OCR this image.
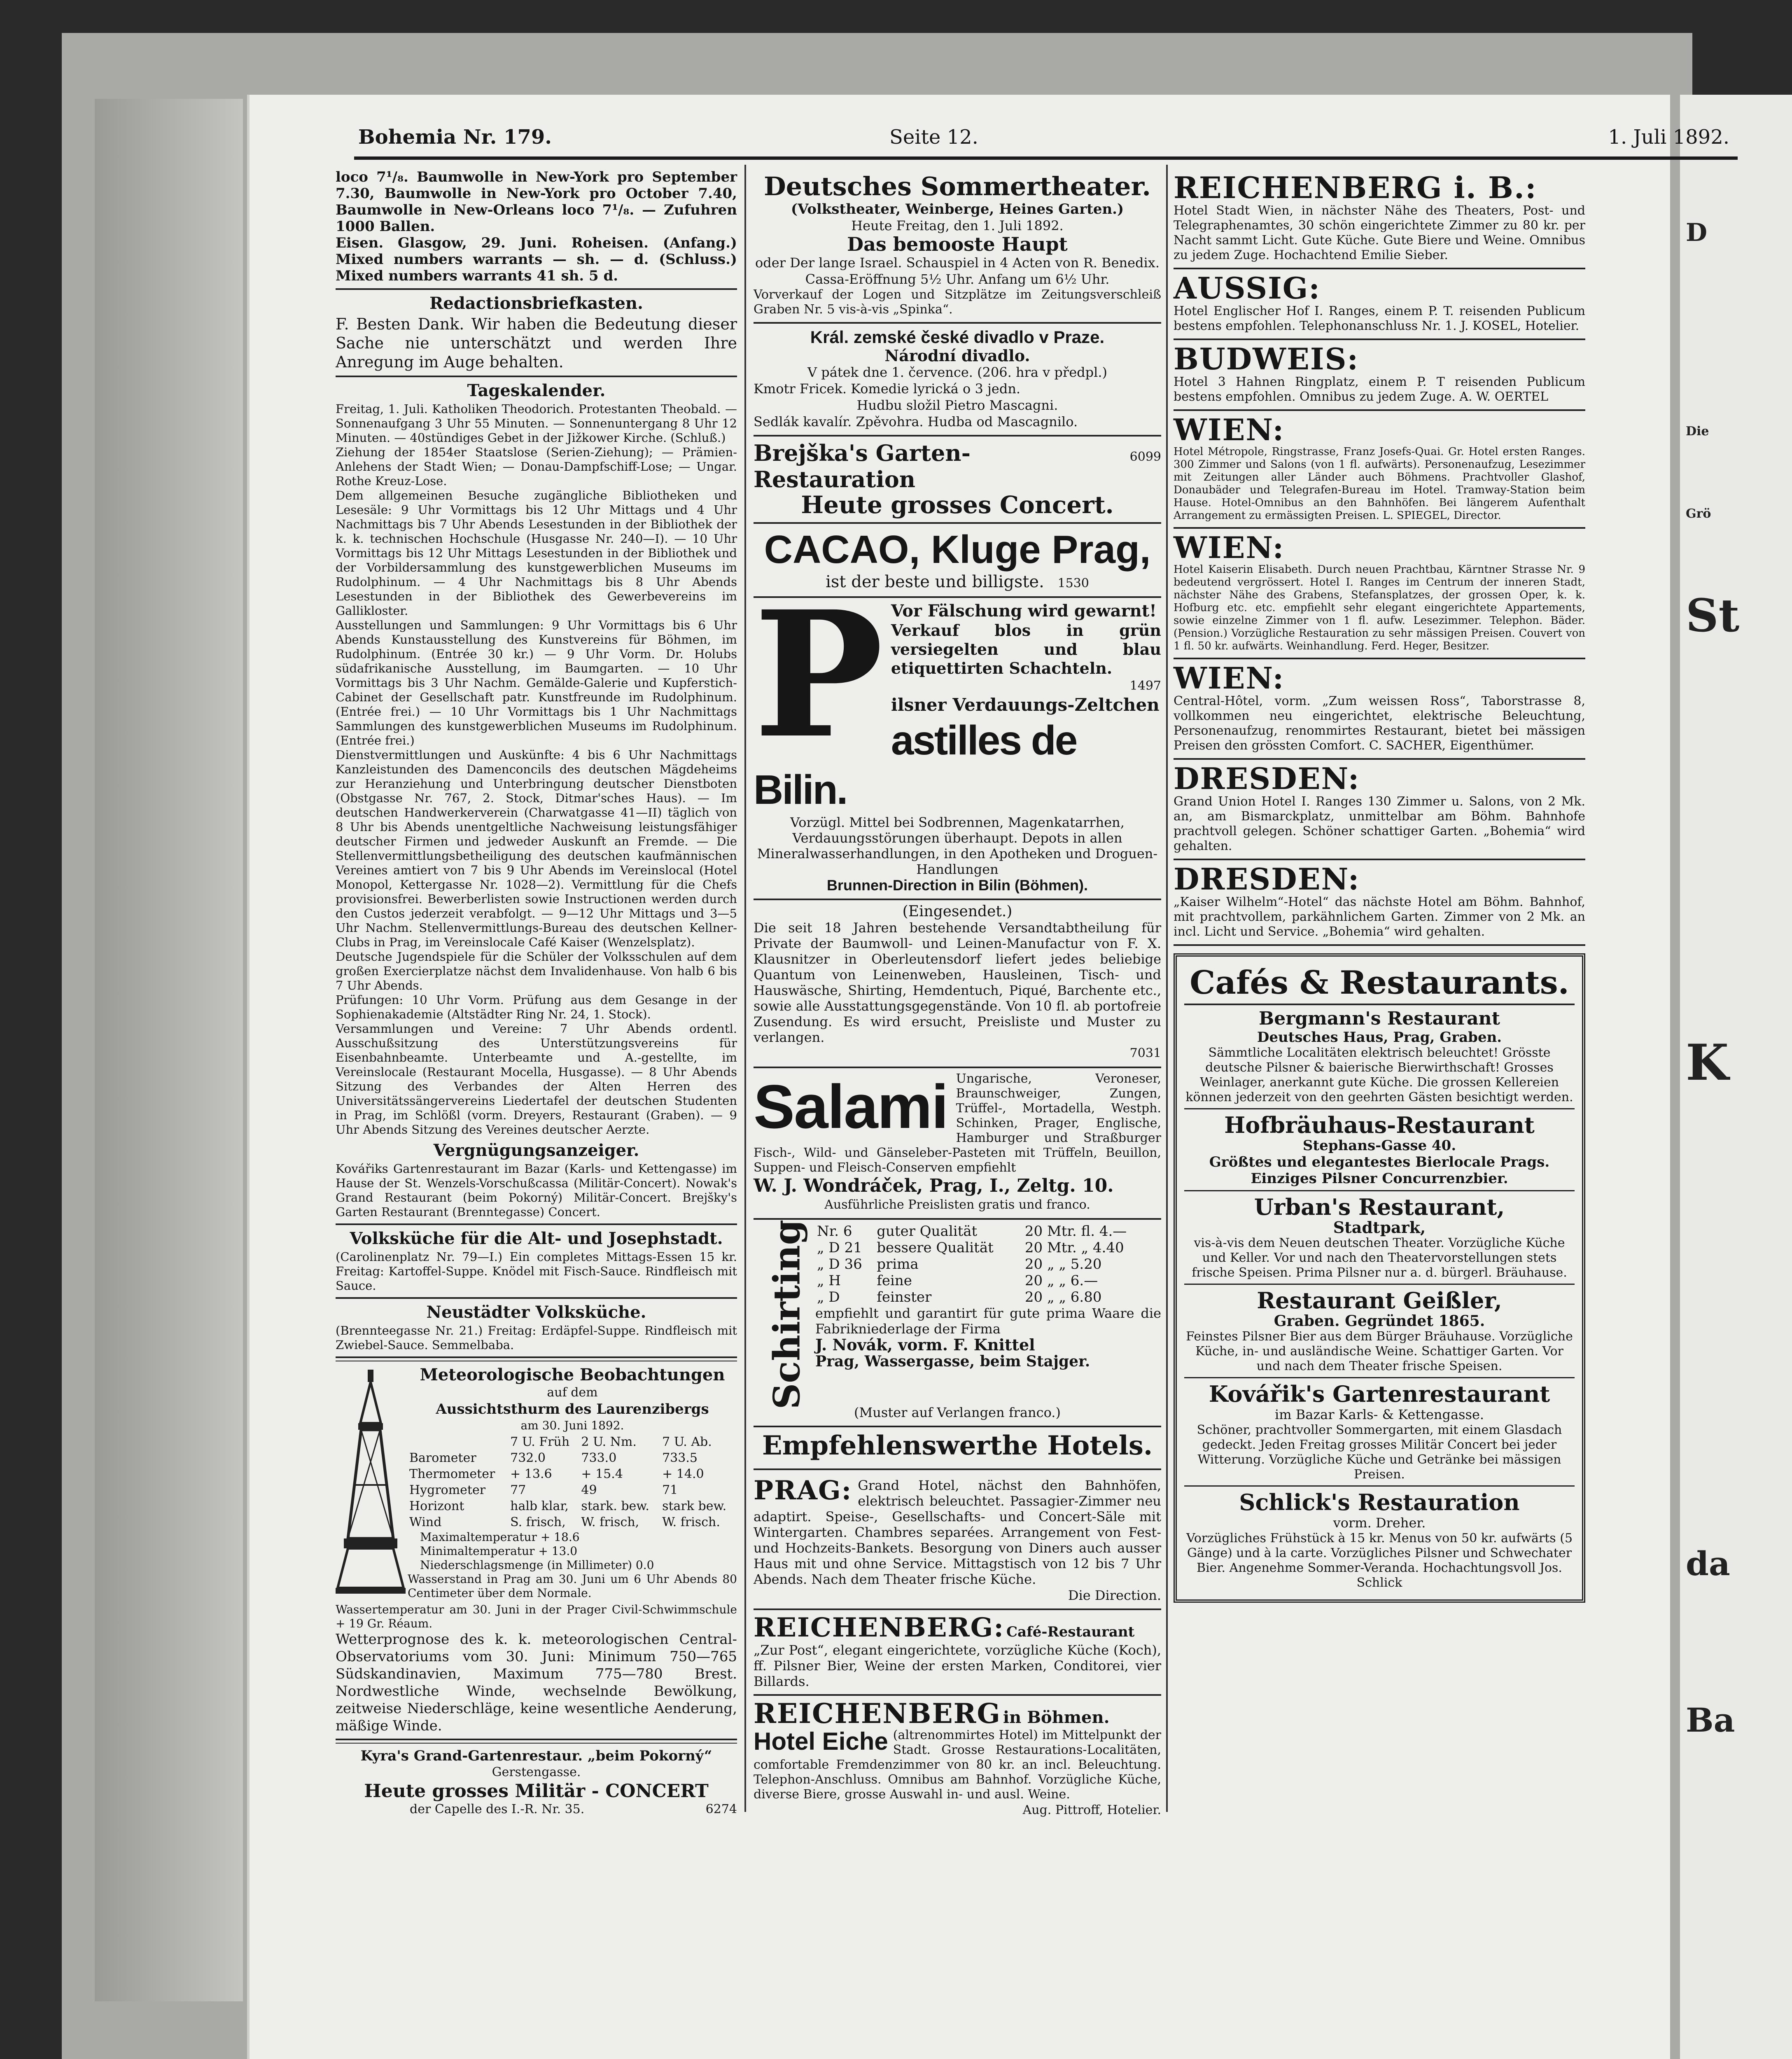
D
Die
Grö
St
K
da
Ba
Bohemia Nr. 179.	Seite 12.	1. Juli 1892.
loco 7¹/₈. Baumwolle in New-York pro September 7.30, Baumwolle in New-York pro October 7.40, Baumwolle in New-Orleans loco 7¹/₈. — Zufuhren 1000 Ballen.
Eisen. Glasgow, 29. Juni. Roheisen. (Anfang.) Mixed numbers warrants — sh. — d. (Schluss.) Mixed numbers warrants 41 sh. 5 d.
Redactionsbriefkasten.
F. Besten Dank. Wir haben die Bedeutung dieser Sache nie unterschätzt und werden Ihre Anregung im Auge behalten.
Tageskalender.
Freitag, 1. Juli. Katholiken Theodorich. Protestanten Theobald. — Sonnenaufgang 3 Uhr 55 Minuten. — Sonnenuntergang 8 Uhr 12 Minuten. — 40stündiges Gebet in der Jižkower Kirche. (Schluß.)
Ziehung der 1854er Staatslose (Serien-Ziehung); — Prämien-Anlehens der Stadt Wien; — Donau-Dampfschiff-Lose; — Ungar. Rothe Kreuz-Lose.
Dem allgemeinen Besuche zugängliche Bibliotheken und Lesesäle: 9 Uhr Vormittags bis 12 Uhr Mittags und 4 Uhr Nachmittags bis 7 Uhr Abends Lesestunden in der Bibliothek der k. k. technischen Hochschule (Husgasse Nr. 240—I). — 10 Uhr Vormittags bis 12 Uhr Mittags Lesestunden in der Bibliothek und der Vorbildersammlung des kunstgewerblichen Museums im Rudolphinum. — 4 Uhr Nachmittags bis 8 Uhr Abends Lesestunden in der Bibliothek des Gewerbevereins im Gallikloster.
Ausstellungen und Sammlungen: 9 Uhr Vormittags bis 6 Uhr Abends Kunstausstellung des Kunstvereins für Böhmen, im Rudolphinum. (Entrée 30 kr.) — 9 Uhr Vorm. Dr. Holubs südafrikanische Ausstellung, im Baumgarten. — 10 Uhr Vormittags bis 3 Uhr Nachm. Gemälde-Galerie und Kupferstich-Cabinet der Gesellschaft patr. Kunstfreunde im Rudolphinum. (Entrée frei.) — 10 Uhr Vormittags bis 1 Uhr Nachmittags Sammlungen des kunstgewerblichen Museums im Rudolphinum. (Entrée frei.)
Dienstvermittlungen und Auskünfte: 4 bis 6 Uhr Nachmittags Kanzleistunden des Damenconcils des deutschen Mägdeheims zur Heranziehung und Unterbringung deutscher Dienstboten (Obstgasse Nr. 767, 2. Stock, Ditmar'sches Haus). — Im deutschen Handwerkerverein (Charwatgasse 41—II) täglich von 8 Uhr bis Abends unentgeltliche Nachweisung leistungsfähiger deutscher Firmen und jedweder Auskunft an Fremde. — Die Stellenvermittlungsbetheiligung des deutschen kaufmännischen Vereines amtiert von 7 bis 9 Uhr Abends im Vereinslocal (Hotel Monopol, Kettergasse Nr. 1028—2). Vermittlung für die Chefs provisionsfrei. Bewerberlisten sowie Instructionen werden durch den Custos jederzeit verabfolgt. — 9—12 Uhr Mittags und 3—5 Uhr Nachm. Stellenvermittlungs-Bureau des deutschen Kellner-Clubs in Prag, im Vereinslocale Café Kaiser (Wenzelsplatz).
Deutsche Jugendspiele für die Schüler der Volksschulen auf dem großen Exercierplatze nächst dem Invalidenhause. Von halb 6 bis 7 Uhr Abends.
Prüfungen: 10 Uhr Vorm. Prüfung aus dem Gesange in der Sophienakademie (Altstädter Ring Nr. 24, 1. Stock).
Versammlungen und Vereine: 7 Uhr Abends ordentl. Ausschußsitzung des Unterstützungsvereins für Eisenbahnbeamte. Unterbeamte und A.-gestellte, im Vereinslocale (Restaurant Mocella, Husgasse). — 8 Uhr Abends Sitzung des Verbandes der Alten Herren des Universitätssängervereins Liedertafel der deutschen Studenten in Prag, im Schlößl (vorm. Dreyers, Restaurant (Graben). — 9 Uhr Abends Sitzung des Vereines deutscher Aerzte.
Vergnügungsanzeiger.
Kovářiks Gartenrestaurant im Bazar (Karls- und Kettengasse) im Hause der St. Wenzels-Vorschußcassa (Militär-Concert). Nowak's Grand Restaurant (beim Pokorný) Militär-Concert. Brejšky's Garten Restaurant (Brenntegasse) Concert.
Volksküche für die Alt- und Josephstadt.
(Carolinenplatz Nr. 79—I.) Ein completes Mittags-Essen 15 kr. Freitag: Kartoffel-Suppe. Knödel mit Fisch-Sauce. Rindfleisch mit Sauce.
Neustädter Volksküche.
(Brennteegasse Nr. 21.) Freitag: Erdäpfel-Suppe. Rindfleisch mit Zwiebel-Sauce. Semmelbaba.
Meteorologische Beobachtungen
auf dem
Aussichtsthurm des Laurenzibergs
am 30. Juni 1892.
	7 U. Früh	2 U. Nm.	7 U. Ab.
Barometer	732.0	733.0	733.5
Thermometer	+ 13.6	+ 15.4	+ 14.0
Hygrometer	77	49	71
Horizont	halb klar,	stark. bew.	stark bew.
Wind	S. frisch,	W. frisch,	W. frisch.
Maximaltemperatur + 18.6
Minimaltemperatur + 13.0
Niederschlagsmenge (in Millimeter) 0.0
Wasserstand in Prag am 30. Juni um 6 Uhr Abends 80 Centimeter über dem Normale.
Wassertemperatur am 30. Juni in der Prager Civil-Schwimmschule + 19 Gr. Réaum.
Wetterprognose des k. k. meteorologischen Central-Observatoriums vom 30. Juni: Minimum 750—765 Südskandinavien, Maximum 775—780 Brest. Nordwestliche Winde, wechselnde Bewölkung, zeitweise Niederschläge, keine wesentliche Aenderung, mäßige Winde.
Kyra's Grand-Gartenrestaur. „beim Pokorný“
Gerstengasse.
Heute grosses Militär - CONCERT
der Capelle des I.-R. Nr. 35.	6274
Deutsches Sommertheater.
(Volkstheater, Weinberge, Heines Garten.)
Heute Freitag, den 1. Juli 1892.
Das bemooste Haupt
oder Der lange Israel. Schauspiel in 4 Acten von R. Benedix.
Cassa-Eröffnung 5½ Uhr. Anfang um 6½ Uhr.
Vorverkauf der Logen und Sitzplätze im Zeitungsverschleiß Graben Nr. 5 vis-à-vis „Spinka“.
Král. zemské české divadlo v Praze.
Národní divadlo.
V pátek dne 1. července. (206. hra v předpl.)
Kmotr Fricek. Komedie lyrická o 3 jedn.
Hudbu složil Pietro Mascagni.
Sedlák kavalír. Zpěvohra. Hudba od Mascagnilo.
Brejška's Garten-Restauration
6099
Heute grosses Concert.
CACAO, Kluge Prag,
ist der beste und billigste. 1530
P Vor Fälschung wird gewarnt!
Verkauf blos in grün versiegelten und blau etiquettirten Schachteln.
1497
ilsner Verdauungs-Zeltchen
astilles de Bilin.
Vorzügl. Mittel bei Sodbrennen, Magenkatarrhen, Verdauungsstörungen überhaupt. Depots in allen Mineralwasserhandlungen, in den Apotheken und Droguen-Handlungen
Brunnen-Direction in Bilin (Böhmen).
(Eingesendet.)
Die seit 18 Jahren bestehende Versandtabtheilung für Private der Baumwoll- und Leinen-Manufactur von F. X. Klausnitzer in Oberleutensdorf liefert jedes beliebige Quantum von Leinenweben, Hausleinen, Tisch- und Hauswäsche, Shirting, Hemdentuch, Piqué, Barchente etc., sowie alle Ausstattungsgegenstände. Von 10 fl. ab portofreie Zusendung. Es wird ersucht, Preisliste und Muster zu verlangen.
7031
Salami Ungarische, Veroneser, Braunschweiger, Zungen, Trüffel-, Mortadella, Westph. Schinken, Prager, Englische, Hamburger und Straßburger Fisch-, Wild- und Gänseleber-Pasteten mit Trüffeln, Beuillon, Suppen- und Fleisch-Conserven empfiehlt
W. J. Wondráček, Prag, I., Zeltg. 10.
Ausführliche Preislisten gratis und franco.
Schirting Nr. 6	guter Qualität	20 Mtr. fl. 4.—
„ D 21	bessere Qualität	20 Mtr. „ 4.40
„ D 36	prima	20 „ „ 5.20
„ H	feine	20 „ „ 6.—
„ D	feinster	20 „ „ 6.80
empfiehlt und garantirt für gute prima Waare die Fabrikniederlage der Firma
J. Novák, vorm. F. Knittel
Prag, Wassergasse, beim Stajger.
(Muster auf Verlangen franco.)
Empfehlenswerthe Hotels.
PRAG: Grand Hotel, nächst den Bahnhöfen, elektrisch beleuchtet. Passagier-Zimmer neu adaptirt. Speise-, Gesellschafts- und Concert-Säle mit Wintergarten. Chambres separées. Arrangement von Fest- und Hochzeits-Bankets. Besorgung von Diners auch ausser Haus mit und ohne Service. Mittagstisch von 12 bis 7 Uhr Abends. Nach dem Theater frische Küche.
Die Direction.
REICHENBERG: Café-Restaurant
„Zur Post“, elegant eingerichtete, vorzügliche Küche (Koch), ff. Pilsner Bier, Weine der ersten Marken, Conditorei, vier Billards.
REICHENBERG in Böhmen.
Hotel Eiche (altrenommirtes Hotel) im Mittelpunkt der Stadt. Grosse Restaurations-Localitäten, comfortable Fremdenzimmer von 80 kr. an incl. Beleuchtung. Telephon-Anschluss. Omnibus am Bahnhof. Vorzügliche Küche, diverse Biere, grosse Auswahl in- und ausl. Weine.
Aug. Pittroff, Hotelier.
REICHENBERG i. B.:
Hotel Stadt Wien, in nächster Nähe des Theaters, Post- und Telegraphenamtes, 30 schön eingerichtete Zimmer zu 80 kr. per Nacht sammt Licht. Gute Küche. Gute Biere und Weine. Omnibus zu jedem Zuge. Hochachtend Emilie Sieber.
AUSSIG:
Hotel Englischer Hof I. Ranges, einem P. T. reisenden Publicum bestens empfohlen. Telephonanschluss Nr. 1. J. KOSEL, Hotelier.
BUDWEIS:
Hotel 3 Hahnen Ringplatz, einem P. T reisenden Publicum bestens empfohlen. Omnibus zu jedem Zuge. A. W. OERTEL
WIEN:
Hotel Métropole, Ringstrasse, Franz Josefs-Quai. Gr. Hotel ersten Ranges. 300 Zimmer und Salons (von 1 fl. aufwärts). Personenaufzug, Lesezimmer mit Zeitungen aller Länder auch Böhmens. Prachtvoller Glashof, Donaubäder und Telegrafen-Bureau im Hotel. Tramway-Station beim Hause. Hotel-Omnibus an den Bahnhöfen. Bei längerem Aufenthalt Arrangement zu ermässigten Preisen. L. SPIEGEL, Director.
WIEN:
Hotel Kaiserin Elisabeth. Durch neuen Prachtbau, Kärntner Strasse Nr. 9 bedeutend vergrössert. Hotel I. Ranges im Centrum der inneren Stadt, nächster Nähe des Grabens, Stefansplatzes, der grossen Oper, k. k. Hofburg etc. etc. empfiehlt sehr elegant eingerichtete Appartements, sowie einzelne Zimmer von 1 fl. aufw. Lesezimmer. Telephon. Bäder. (Pension.) Vorzügliche Restauration zu sehr mässigen Preisen. Couvert von 1 fl. 50 kr. aufwärts. Weinhandlung. Ferd. Heger, Besitzer.
WIEN:
Central-Hôtel, vorm. „Zum weissen Ross“, Taborstrasse 8, vollkommen neu eingerichtet, elektrische Beleuchtung, Personenaufzug, renommirtes Restaurant, bietet bei mässigen Preisen den grössten Comfort. C. SACHER, Eigenthümer.
DRESDEN:
Grand Union Hotel I. Ranges 130 Zimmer u. Salons, von 2 Mk. an, am Bismarckplatz, unmittelbar am Böhm. Bahnhofe prachtvoll gelegen. Schöner schattiger Garten. „Bohemia“ wird gehalten.
DRESDEN:
„Kaiser Wilhelm“-Hotel“ das nächste Hotel am Böhm. Bahnhof, mit prachtvollem, parkähnlichem Garten. Zimmer von 2 Mk. an incl. Licht und Service. „Bohemia“ wird gehalten.
Cafés & Restaurants.
Bergmann's Restaurant
Deutsches Haus, Prag, Graben.
Sämmtliche Localitäten elektrisch beleuchtet! Grösste deutsche Pilsner & baierische Bierwirthschaft! Grosses Weinlager, anerkannt gute Küche. Die grossen Kellereien können jederzeit von den geehrten Gästen besichtigt werden.
Hofbräuhaus-Restaurant
Stephans-Gasse 40.
Größtes und elegantestes Bierlocale Prags. Einziges Pilsner Concurrenzbier.
Urban's Restaurant,
Stadtpark,
vis-à-vis dem Neuen deutschen Theater. Vorzügliche Küche und Keller. Vor und nach den Theatervorstellungen stets frische Speisen. Prima Pilsner nur a. d. bürgerl. Bräuhause.
Restaurant Geißler,
Graben. Gegründet 1865.
Feinstes Pilsner Bier aus dem Bürger Bräuhause. Vorzügliche Küche, in- und ausländische Weine. Schattiger Garten. Vor und nach dem Theater frische Speisen.
Kovářik's Gartenrestaurant
im Bazar Karls- & Kettengasse.
Schöner, prachtvoller Sommergarten, mit einem Glasdach gedeckt. Jeden Freitag grosses Militär Concert bei jeder Witterung. Vorzügliche Küche und Getränke bei mässigen Preisen.
Schlick's Restauration
vorm. Dreher.
Vorzügliches Frühstück à 15 kr. Menus von 50 kr. aufwärts (5 Gänge) und à la carte. Vorzügliches Pilsner und Schwechater Bier. Angenehme Sommer-Veranda. Hochachtungsvoll Jos. Schlick
